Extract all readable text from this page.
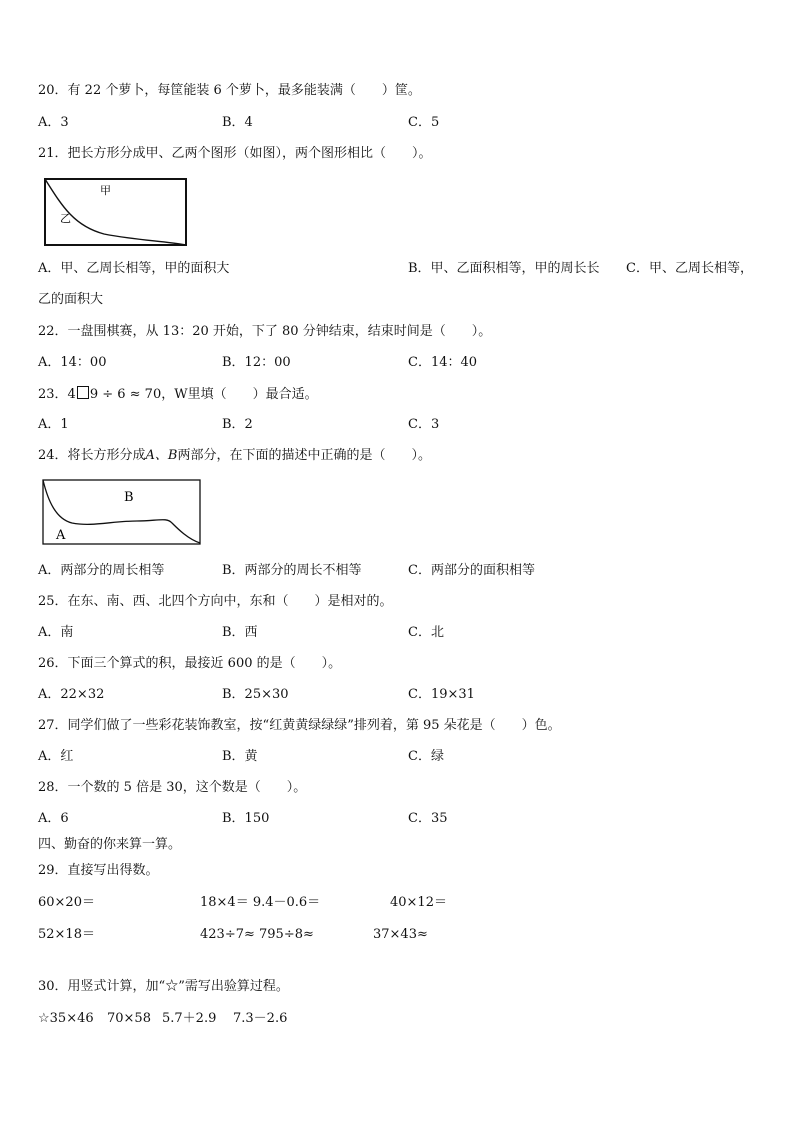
20．有 22 个萝卜，每筐能装 6 个萝卜，最多能装满（　　）筐。
A．3	B．4	C．5
21．把长方形分成甲、乙两个图形（如图），两个图形相比（　　）。
甲
乙
A．甲、乙周长相等，甲的面积大	B．甲、乙面积相等，甲的周长长 C．甲、乙周长相等，
乙的面积大
22．一盘围棋赛，从 13：20 开始，下了 80 分钟结束，结束时间是（　　）。
A．14：00	B．12：00	C．14：40
23．4 9 ÷ 6 ≈ 70，W里填（　　）最合适。
A．1	B．2	C．3
24．将长方形分成A、B两部分，在下面的描述中正确的是（　　）。
B
A
A．两部分的周长相等	B．两部分的周长不相等	C．两部分的面积相等
25．在东、南、西、北四个方向中，东和（　　）是相对的。
A．南	B．西	C．北
26．下面三个算式的积，最接近 600 的是（　　）。
A．22×32	B．25×30	C．19×31
27．同学们做了一些彩花装饰教室，按“红黄黄绿绿绿”排列着，第 95 朵花是（　　）色。
A．红	B．黄	C．绿
28．一个数的 5 倍是 30，这个数是（　　）。
A．6	B．150	C．35
四、勤奋的你来算一算。
29．直接写出得数。
60×20＝	18×4＝ 9.4－0.6＝	40×12＝
52×18＝	423÷7≈ 795÷8≈	37×43≈
30．用竖式计算，加“☆”需写出验算过程。
☆35×46 70×58 5.7＋2.9 7.3－2.6
